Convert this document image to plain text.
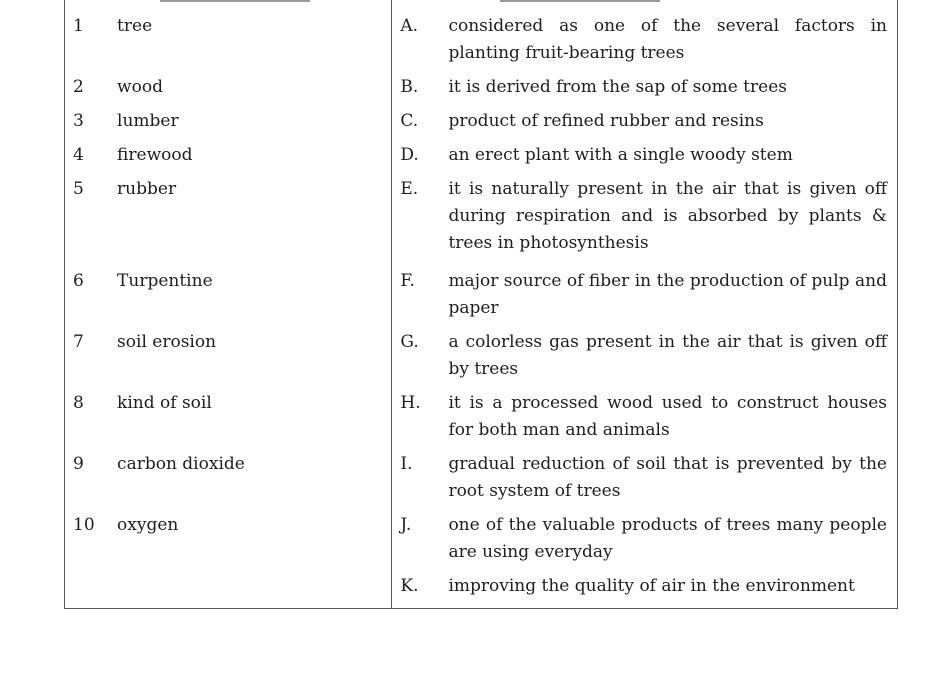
1	tree	A.	considered as one of the several factors in planting fruit-bearing trees
2	wood	B.	it is derived from the sap of some trees
3	lumber	C.	product of refined rubber and resins
4	firewood	D.	an erect plant with a single woody stem
5	rubber	E.	it is naturally present in the air that is given off during respiration and is absorbed by plants & trees in photosynthesis
6	Turpentine	F.	major source of fiber in the production of pulp and paper
7	soil erosion	G.	a colorless gas present in the air that is given off by trees
8	kind of soil	H.	it is a processed wood used to construct houses for both man and animals
9	carbon dioxide	I.	gradual reduction of soil that is prevented by the root system of trees
10	oxygen	J.	one of the valuable products of trees many people are using everyday
		K.	improving the quality of air in the environment
